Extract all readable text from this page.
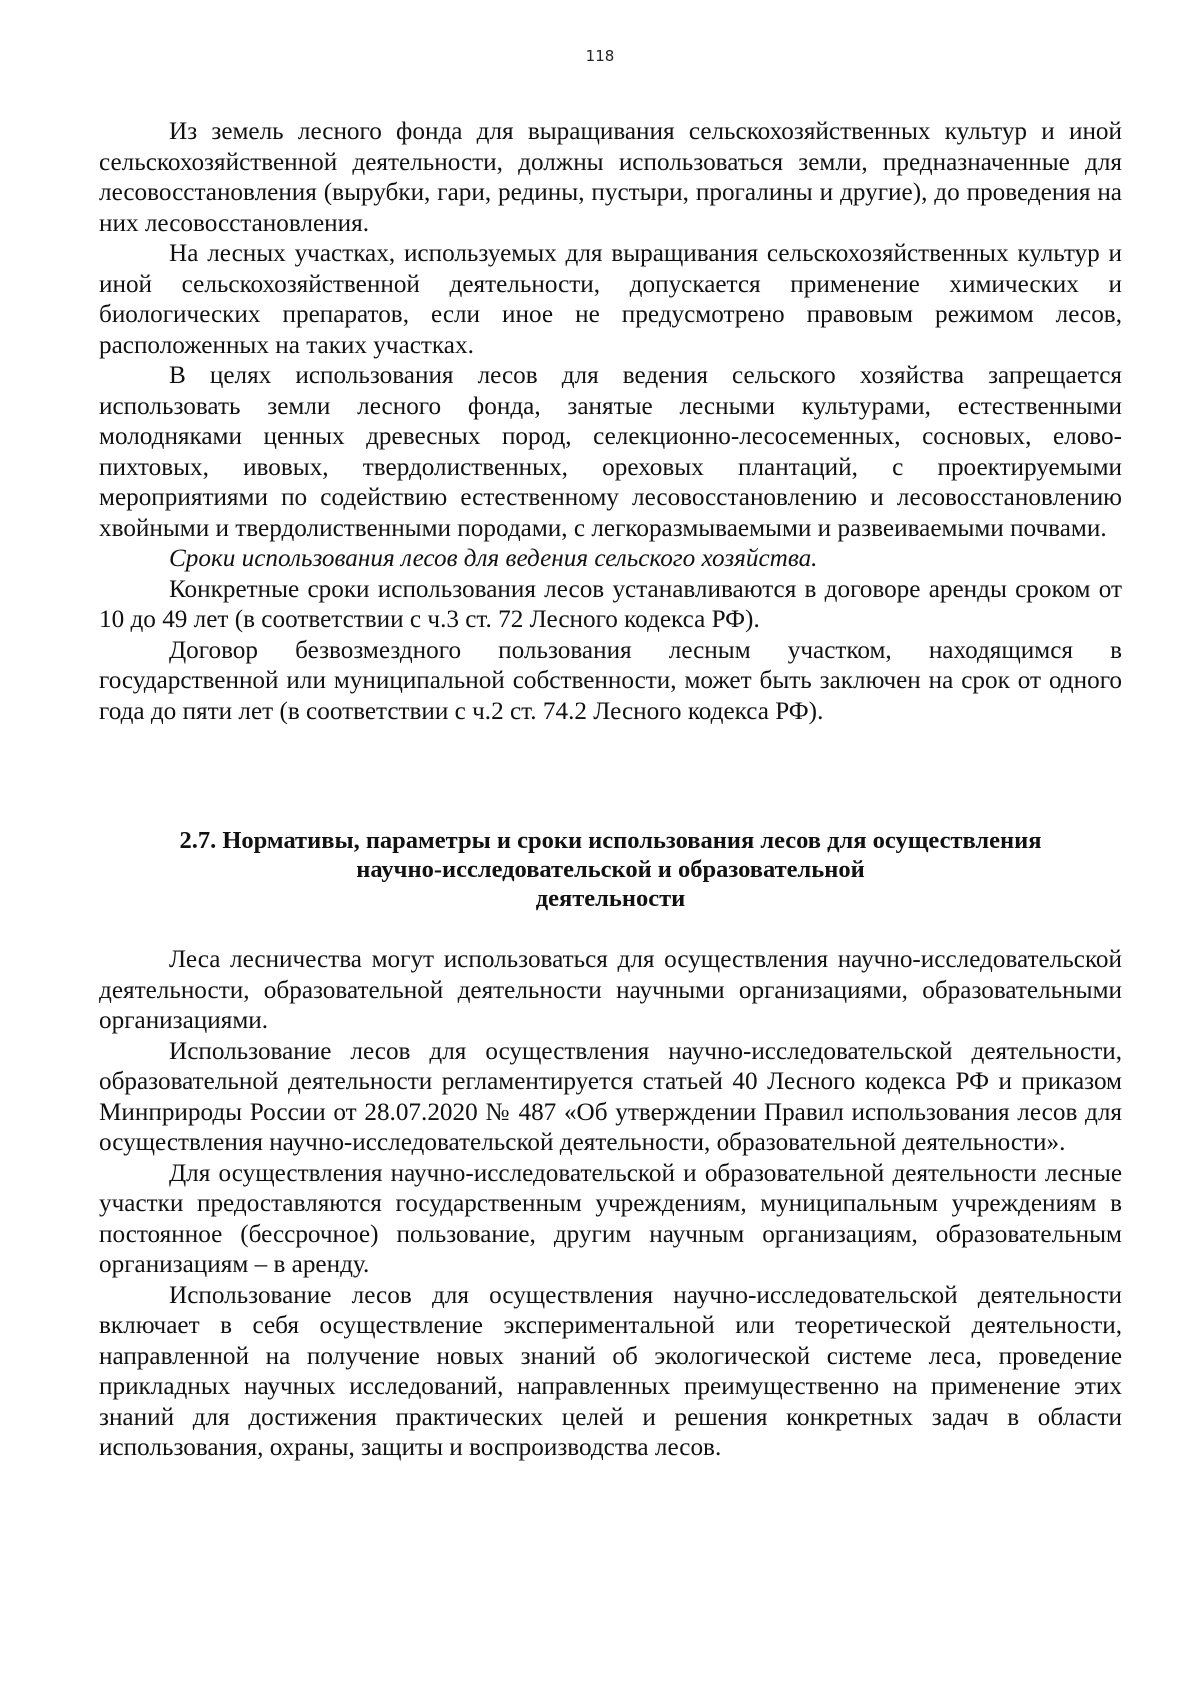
118

Из земель лесного фонда для выращивания сельскохозяйственных культур и иной сельскохозяйственной деятельности, должны использоваться земли, предназначенные для лесовосстановления (вырубки, гари, редины, пустыри, прогалины и другие), до проведения на них лесовосстановления.

На лесных участках, используемых для выращивания сельскохозяйственных культур и иной сельскохозяйственной деятельности, допускается применение химических и биологических препаратов, если иное не предусмотрено правовым режимом лесов, расположенных на таких участках.

В целях использования лесов для ведения сельского хозяйства запрещается использовать земли лесного фонда, занятые лесными культурами, естественными молодняками ценных древесных пород, селекционно-лесосеменных, сосновых, елово-пихтовых, ивовых, твердолиственных, ореховых плантаций, с проектируемыми мероприятиями по содействию естественному лесовосстановлению и лесовосстановлению хвойными и твердолиственными породами, с легкоразмываемыми и развеиваемыми почвами.

Сроки использования лесов для ведения сельского хозяйства.

Конкретные сроки использования лесов устанавливаются в договоре аренды сроком от 10 до 49 лет (в соответствии с ч.3 ст. 72 Лесного кодекса РФ).

Договор безвозмездного пользования лесным участком, находящимся в государственной или муниципальной собственности, может быть заключен на срок от одного года до пяти лет (в соответствии с ч.2 ст. 74.2 Лесного кодекса РФ).

2.7. Нормативы, параметры и сроки использования лесов для осуществления
научно-исследовательской и образовательной
деятельности

Леса лесничества могут использоваться для осуществления научно-исследовательской деятельности, образовательной деятельности научными организациями, образовательными организациями.

Использование лесов для осуществления научно-исследовательской деятельности, образовательной деятельности регламентируется статьей 40 Лесного кодекса РФ и приказом Минприроды России от 28.07.2020 № 487 «Об утверждении Правил использования лесов для осуществления научно-исследовательской деятельности, образовательной деятельности».

Для осуществления научно-исследовательской и образовательной деятельности лесные участки предоставляются государственным учреждениям, муниципальным учреждениям в постоянное (бессрочное) пользование, другим научным организациям, образовательным организациям – в аренду.

Использование лесов для осуществления научно-исследовательской деятельности включает в себя осуществление экспериментальной или теоретической деятельности, направленной на получение новых знаний об экологической системе леса, проведение прикладных научных исследований, направленных преимущественно на применение этих знаний для достижения практических целей и решения конкретных задач в области использования, охраны, защиты и воспроизводства лесов.
